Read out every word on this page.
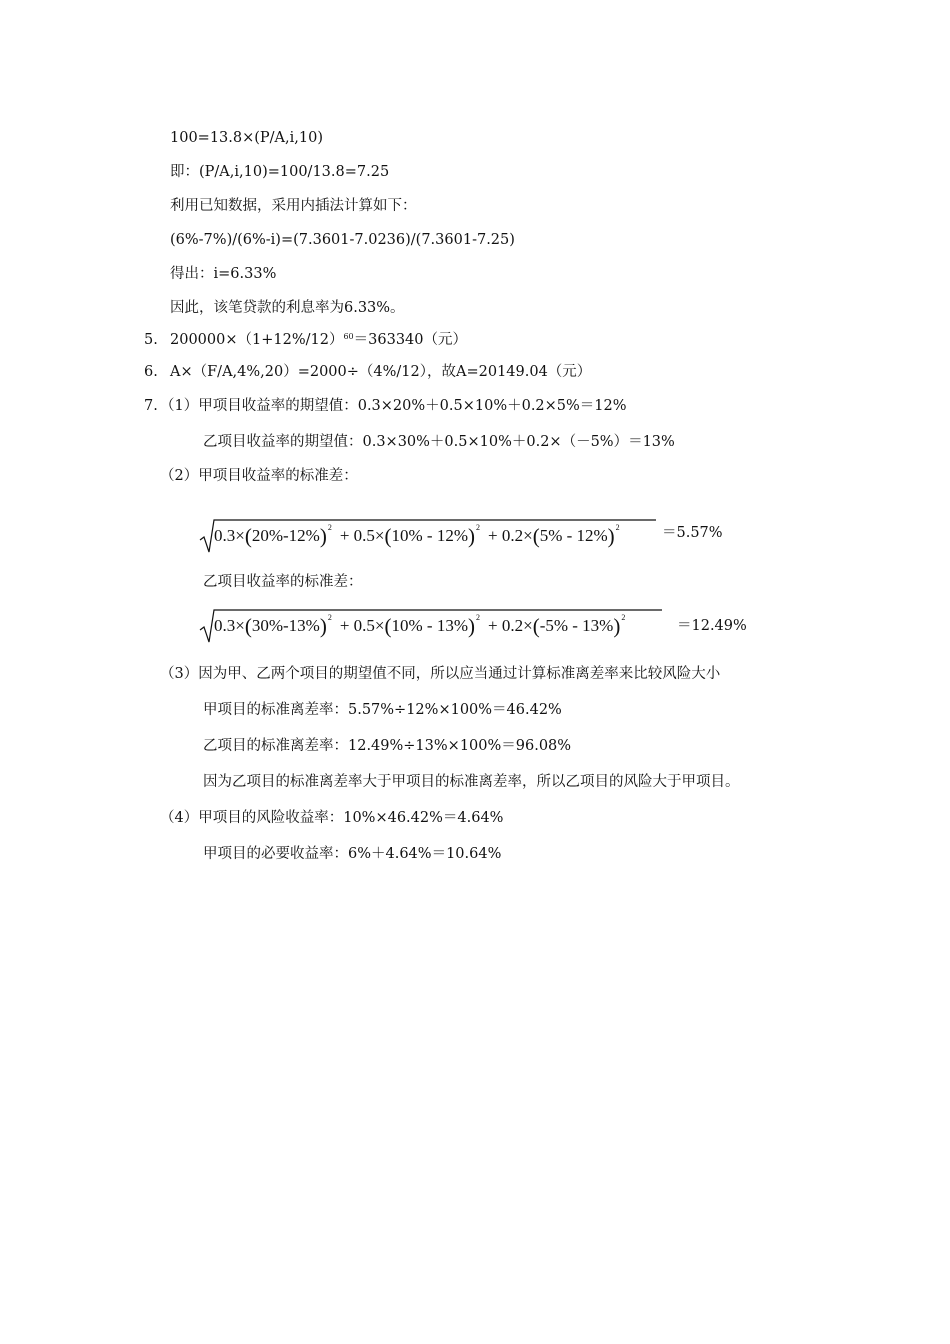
100=13.8×(P/A,i,10)
即：(P/A,i,10)=100/13.8=7.25
利用已知数据，采用内插法计算如下：
(6%-7%)/(6%-i)=(7.3601-7.0236)/(7.3601-7.25)
得出：i=6.33%
因此，该笔贷款的利息率为6.33%。
5. $200000\times(1+12\%/12)^{60}=363340$（元）
6. A×（F/A,4%,20）=2000÷（4%/12），故A=20149.04（元）
7. （1）甲项目收益率的期望值：0.3×20%＋0.5×10%＋0.2×5%＝12%
乙项目收益率的期望值：0.3×30%＋0.5×10%＋0.2×（－5%）＝13%
（2）甲项目收益率的标准差：
0.3× ( 20%-12% ) 2 + 0.5× ( 10% - 12% ) 2 + 0.2× ( 5% - 12% ) 2	＝5.57%
乙项目收益率的标准差：
0.3× ( 30%-13% ) 2 + 0.5× ( 10% - 13% ) 2 + 0.2× ( -5% - 13% ) 2
＝12.49%
（3）因为甲、乙两个项目的期望值不同，所以应当通过计算标准离差率来比较风险大小
甲项目的标准离差率：5.57%÷12%×100%＝46.42%
乙项目的标准离差率：12.49%÷13%×100%＝96.08%
因为乙项目的标准离差率大于甲项目的标准离差率，所以乙项目的风险大于甲项目。
（4）甲项目的风险收益率：10%×46.42%＝4.64%
甲项目的必要收益率：6%＋4.64%＝10.64%
